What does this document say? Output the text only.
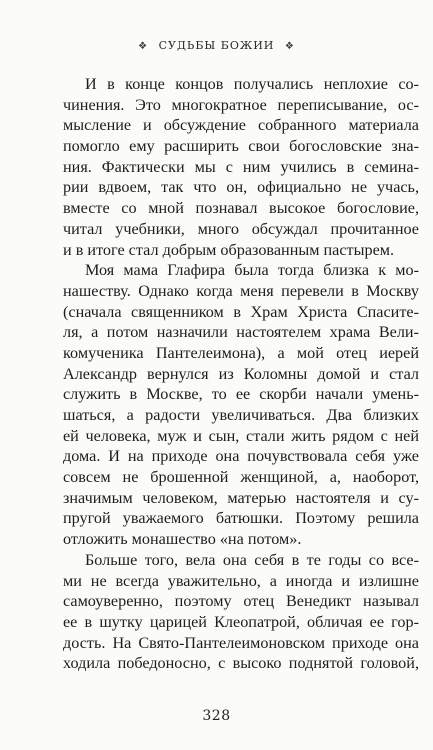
❖ СУДЬБЫ БОЖИИ ❖
И в конце концов получались неплохие со-
чинения. Это многократное переписывание, ос-
мысление и обсуждение собранного материала
помогло ему расширить свои богословские зна-
ния. Фактически мы с ним учились в семина-
рии вдвоем, так что он, официально не учась,
вместе со мной познавал высокое богословие,
читал учебники, много обсуждал прочитанное
и в итоге стал добрым образованным пастырем.
Моя мама Глафира была тогда близка к мо-
нашеству. Однако когда меня перевели в Москву
(сначала священником в Храм Христа Спасите-
ля, а потом назначили настоятелем храма Вели-
комученика Пантелеимона), а мой отец иерей
Александр вернулся из Коломны домой и стал
служить в Москве, то ее скорби начали умень-
шаться, а радости увеличиваться. Два близких
ей человека, муж и сын, стали жить рядом с ней
дома. И на приходе она почувствовала себя уже
совсем не брошенной женщиной, а, наоборот,
значимым человеком, матерью настоятеля и су-
пругой уважаемого батюшки. Поэтому решила
отложить монашество «на потом».
Больше того, вела она себя в те годы со все-
ми не всегда уважительно, а иногда и излишне
самоуверенно, поэтому отец Венедикт называл
ее в шутку царицей Клеопатрой, обличая ее гор-
дость. На Свято-Пантелеимоновском приходе она
ходила победоносно, с высоко поднятой головой,
328
